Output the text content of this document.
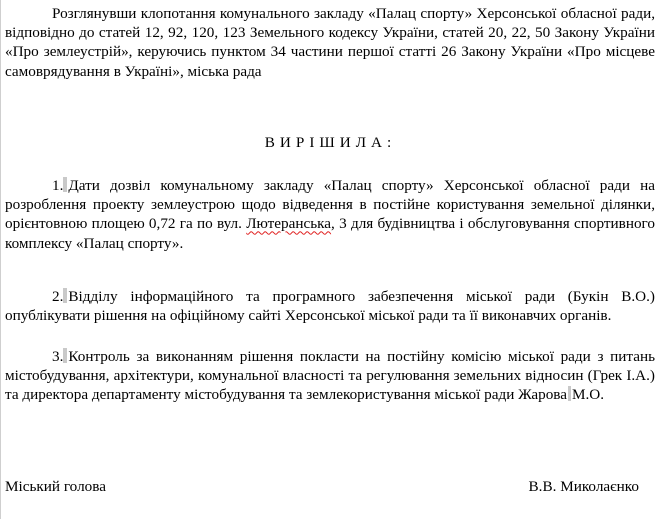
Розглянувши клопотання комунального закладу «Палац спорту» Херсонської обласної ради, відповідно до статей 12, 92, 120, 123 Земельного кодексу України, статей 20, 22, 50 Закону України «Про землеустрій», керуючись пунктом 34 частини першої статті 26 Закону України «Про місцеве самоврядування в Україні», міська рада

ВИРІШИЛА:

1. Дати дозвіл комунальному закладу «Палац спорту» Херсонської обласної ради на розроблення проекту землеустрою щодо відведення в постійне користування земельної ділянки, орієнтовною площею 0,72 га по вул. Лютеранська, 3 для будівництва і обслуговування спортивного комплексу «Палац спорту».

2. Відділу інформаційного та програмного забезпечення міської ради (Букін В.О.) опублікувати рішення на офіційному сайті Херсонської міської ради та її виконавчих органів.

3. Контроль за виконанням рішення покласти на постійну комісію міської ради з питань містобудування, архітектури, комунальної власності та регулювання земельних відносин (Грек І.А.) та директора департаменту містобудування та землекористування міської ради Жарова М.О.

Міський голова	В.В. Миколаєнко
